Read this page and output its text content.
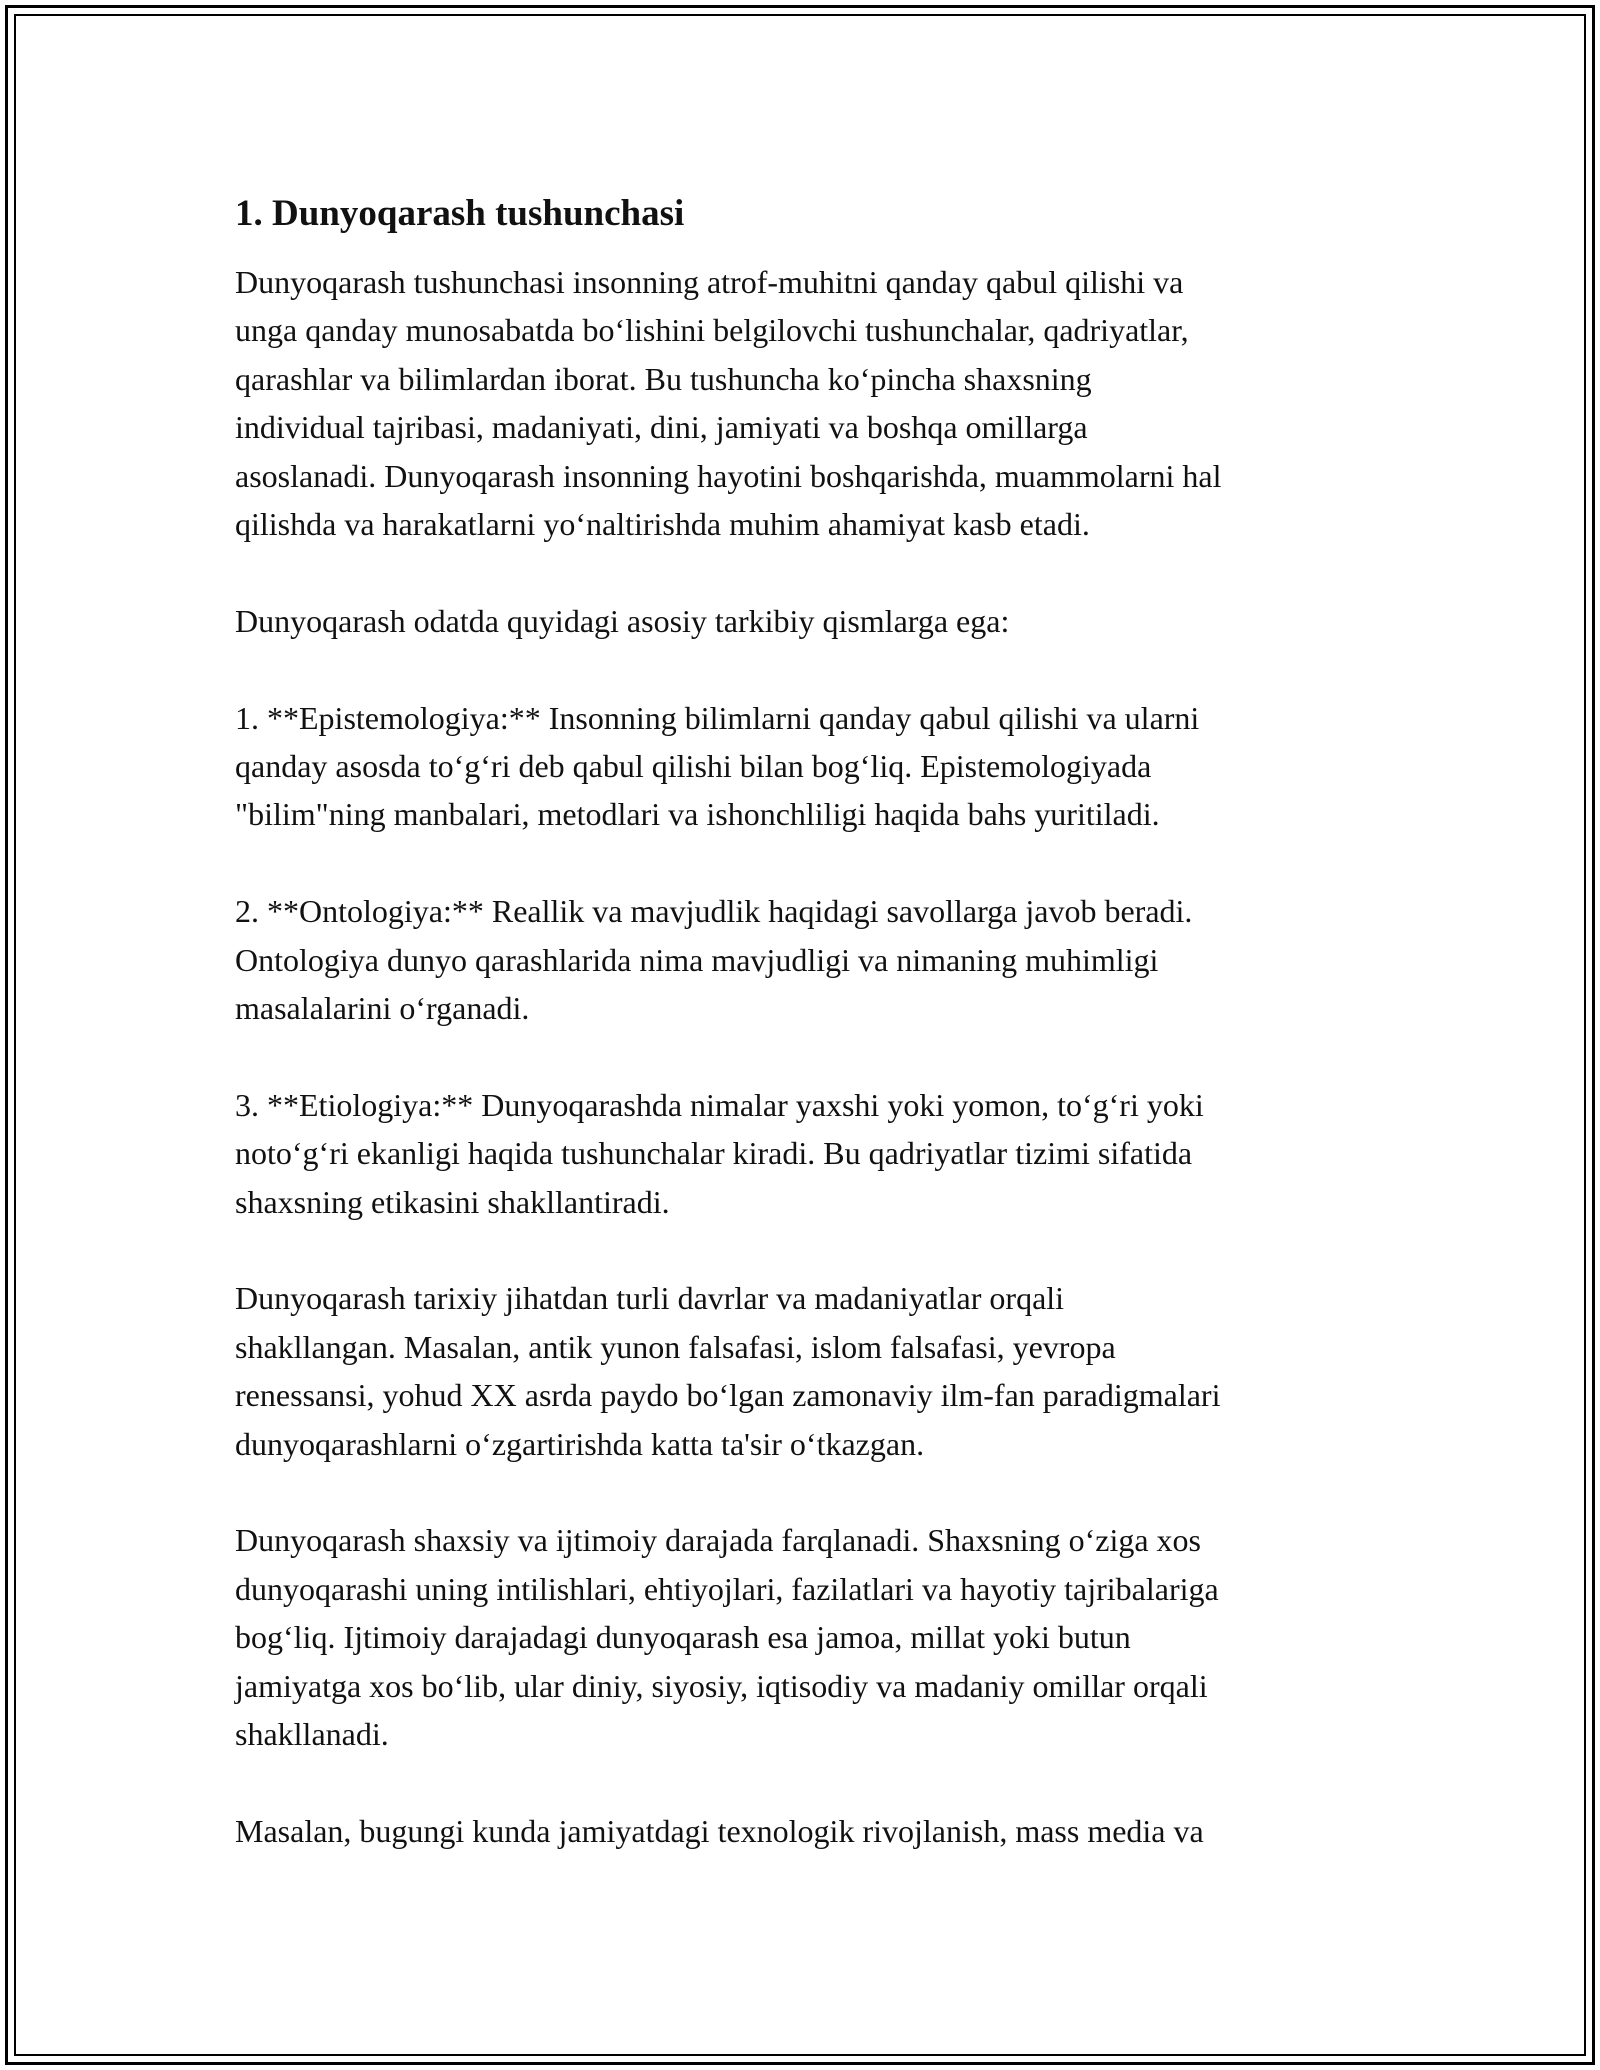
1. Dunyoqarash tushunchasi

Dunyoqarash tushunchasi insonning atrof-muhitni qanday qabul qilishi va
unga qanday munosabatda boʻlishini belgilovchi tushunchalar, qadriyatlar,
qarashlar va bilimlardan iborat. Bu tushuncha koʻpincha shaxsning
individual tajribasi, madaniyati, dini, jamiyati va boshqa omillarga
asoslanadi. Dunyoqarash insonning hayotini boshqarishda, muammolarni hal
qilishda va harakatlarni yoʻnaltirishda muhim ahamiyat kasb etadi.

Dunyoqarash odatda quyidagi asosiy tarkibiy qismlarga ega:

1. **Epistemologiya:** Insonning bilimlarni qanday qabul qilishi va ularni
qanday asosda toʻgʻri deb qabul qilishi bilan bogʻliq. Epistemologiyada
"bilim"ning manbalari, metodlari va ishonchliligi haqida bahs yuritiladi.

2. **Ontologiya:** Reallik va mavjudlik haqidagi savollarga javob beradi.
Ontologiya dunyo qarashlarida nima mavjudligi va nimaning muhimligi
masalalarini oʻrganadi.

3. **Etiologiya:** Dunyoqarashda nimalar yaxshi yoki yomon, toʻgʻri yoki
notoʻgʻri ekanligi haqida tushunchalar kiradi. Bu qadriyatlar tizimi sifatida
shaxsning etikasini shakllantiradi.

Dunyoqarash tarixiy jihatdan turli davrlar va madaniyatlar orqali
shakllangan. Masalan, antik yunon falsafasi, islom falsafasi, yevropa
renessansi, yohud XX asrda paydo boʻlgan zamonaviy ilm-fan paradigmalari
dunyoqarashlarni oʻzgartirishda katta ta'sir oʻtkazgan.

Dunyoqarash shaxsiy va ijtimoiy darajada farqlanadi. Shaxsning oʻziga xos
dunyoqarashi uning intilishlari, ehtiyojlari, fazilatlari va hayotiy tajribalariga
bogʻliq. Ijtimoiy darajadagi dunyoqarash esa jamoa, millat yoki butun
jamiyatga xos boʻlib, ular diniy, siyosiy, iqtisodiy va madaniy omillar orqali
shakllanadi.

Masalan, bugungi kunda jamiyatdagi texnologik rivojlanish, mass media va
